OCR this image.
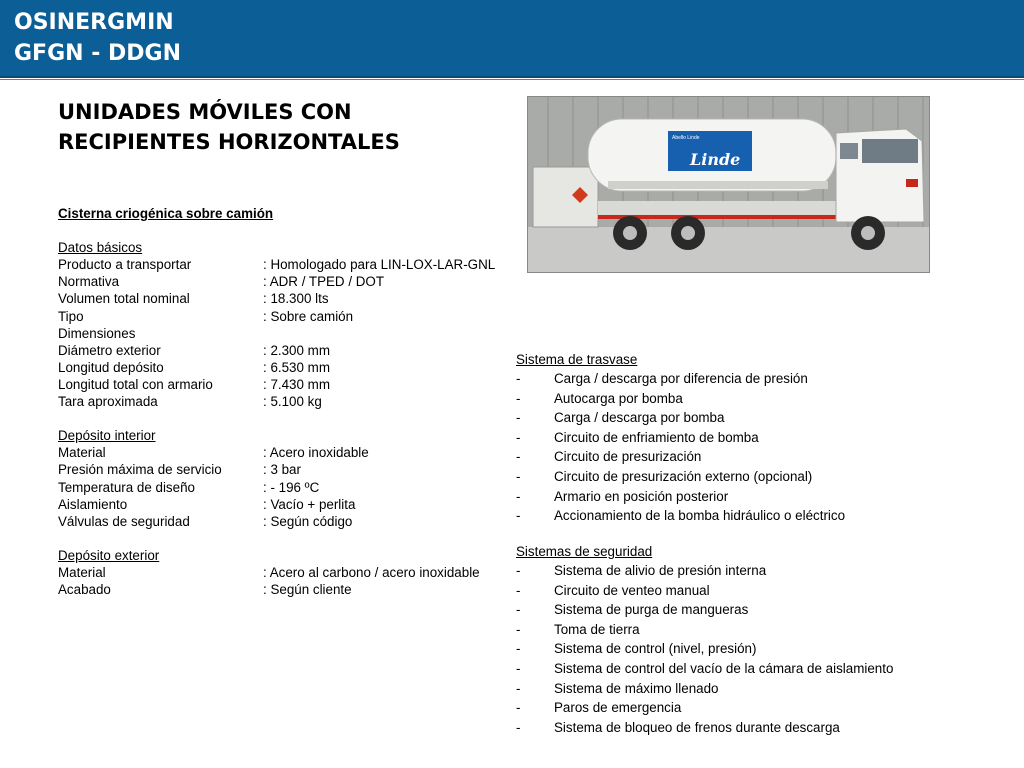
OSINERGMIN
GFGN - DDGN
UNIDADES MÓVILES CON RECIPIENTES HORIZONTALES
Cisterna criogénica sobre camión
Datos básicos
Producto a transportar	: Homologado para LIN-LOX-LAR-GNL
Normativa	: ADR / TPED / DOT
Volumen total nominal	: 18.300 lts
Tipo	: Sobre camión
Dimensiones
Diámetro exterior	: 2.300 mm
Longitud depósito	: 6.530 mm
Longitud total con armario	: 7.430 mm
Tara aproximada	: 5.100 kg
Depósito interior
Material	: Acero inoxidable
Presión máxima de servicio	: 3 bar
Temperatura de diseño	: - 196 ºC
Aislamiento	: Vacío + perlita
Válvulas de seguridad	: Según código
Depósito exterior
Material	: Acero al carbono / acero inoxidable
Acabado	: Según cliente
Abello Linde
Linde
Sistema de trasvase
-	Carga / descarga por diferencia de presión
-	Autocarga por bomba
-	Carga / descarga por bomba
-	Circuito de enfriamiento de bomba
-	Circuito de presurización
-	Circuito de presurización externo (opcional)
-	Armario en posición posterior
-	Accionamiento de la bomba hidráulico o eléctrico
Sistemas de seguridad
-	Sistema de alivio de presión interna
-	Circuito de venteo manual
-	Sistema de purga de mangueras
-	Toma de tierra
-	Sistema de control (nivel, presión)
-	Sistema de control del vacío de la cámara de aislamiento
-	Sistema de máximo llenado
-	Paros de emergencia
-	Sistema de bloqueo de frenos durante descarga
